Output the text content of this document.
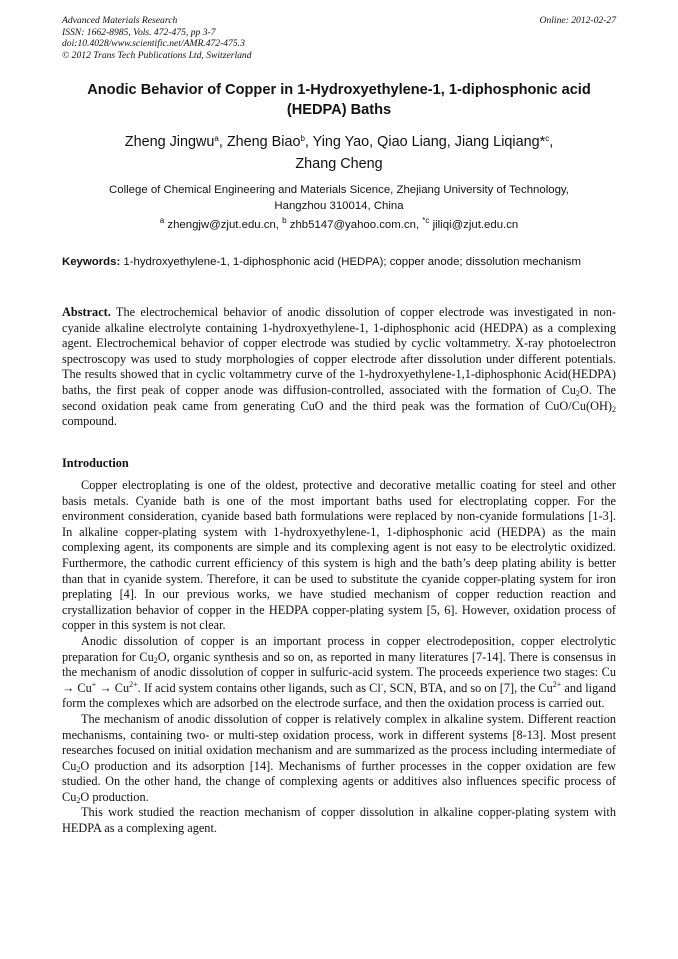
Advanced Materials Research
ISSN: 1662-8985, Vols. 472-475, pp 3-7
doi:10.4028/www.scientific.net/AMR.472-475.3
© 2012 Trans Tech Publications Ltd, Switzerland
Online: 2012-02-27
Anodic Behavior of Copper in 1-Hydroxyethylene-1, 1-diphosphonic acid
(HEDPA) Baths
Zheng Jingwu$^a$, Zheng Biao$^b$, Ying Yao, Qiao Liang, Jiang Liqiang*$^c$,
Zhang Cheng
College of Chemical Engineering and Materials Sicence, Zhejiang University of Technology,
Hangzhou 310014, China
$^a$ zhengjw@zjut.edu.cn, $^b$ zhb5147@yahoo.com.cn, $^{*c}$ jiliqi@zjut.edu.cn
Keywords: 1-hydroxyethylene-1, 1-diphosphonic acid (HEDPA); copper anode; dissolution mechanism
Abstract. The electrochemical behavior of anodic dissolution of copper electrode was investigated in non-cyanide alkaline electrolyte containing 1-hydroxyethylene-1, 1-diphosphonic acid (HEDPA) as a complexing agent. Electrochemical behavior of copper electrode was studied by cyclic voltammetry. X-ray photoelectron spectroscopy was used to study morphologies of copper electrode after dissolution under different potentials. The results showed that in cyclic voltammetry curve of the 1-hydroxyethylene-1,1-diphosphonic Acid(HEDPA) baths, the first peak of copper anode was diffusion-controlled, associated with the formation of $Cu_2O$. The second oxidation peak came from generating CuO and the third peak was the formation of CuO/$Cu(OH)_2$ compound.
Introduction

Copper electroplating is one of the oldest, protective and decorative metallic coating for steel and other basis metals. Cyanide bath is one of the most important baths used for electroplating copper. For the environment consideration, cyanide based bath formulations were replaced by non-cyanide formulations [1-3]. In alkaline copper-plating system with 1-hydroxyethylene-1, 1-diphosphonic acid (HEDPA) as the main complexing agent, its components are simple and its complexing agent is not easy to be electrolytic oxidized. Furthermore, the cathodic current efficiency of this system is high and the bath’s deep plating ability is better than that in cyanide system. Therefore, it can be used to substitute the cyanide copper-plating system for iron preplating [4]. In our previous works, we have studied mechanism of copper reduction reaction and crystallization behavior of copper in the HEDPA copper-plating system [5, 6]. However, oxidation process of copper in this system is not clear.

Anodic dissolution of copper is an important process in copper electrodeposition, copper electrolytic preparation for $Cu_2O$, organic synthesis and so on, as reported in many literatures [7-14]. There is consensus in the mechanism of anodic dissolution of copper in sulfuric-acid system. The proceeds experience two stages: $Cu \to Cu^+ \to Cu^{2+}$. If acid system contains other ligands, such as Cl-, SCN, BTA, and so on [7], the $Cu^{2+}$ and ligand form the complexes which are adsorbed on the electrode surface, and then the oxidation process is carried out.

The mechanism of anodic dissolution of copper is relatively complex in alkaline system. Different reaction mechanisms, containing two- or multi-step oxidation process, work in different systems [8-13]. Most present researches focused on initial oxidation mechanism and are summarized as the process including intermediate of $Cu_2O$ production and its adsorption [14]. Mechanisms of further processes in the copper oxidation are few studied. On the other hand, the change of complexing agents or additives also influences specific process of $Cu_2O$ production.

This work studied the reaction mechanism of copper dissolution in alkaline copper-plating system with HEDPA as a complexing agent.
